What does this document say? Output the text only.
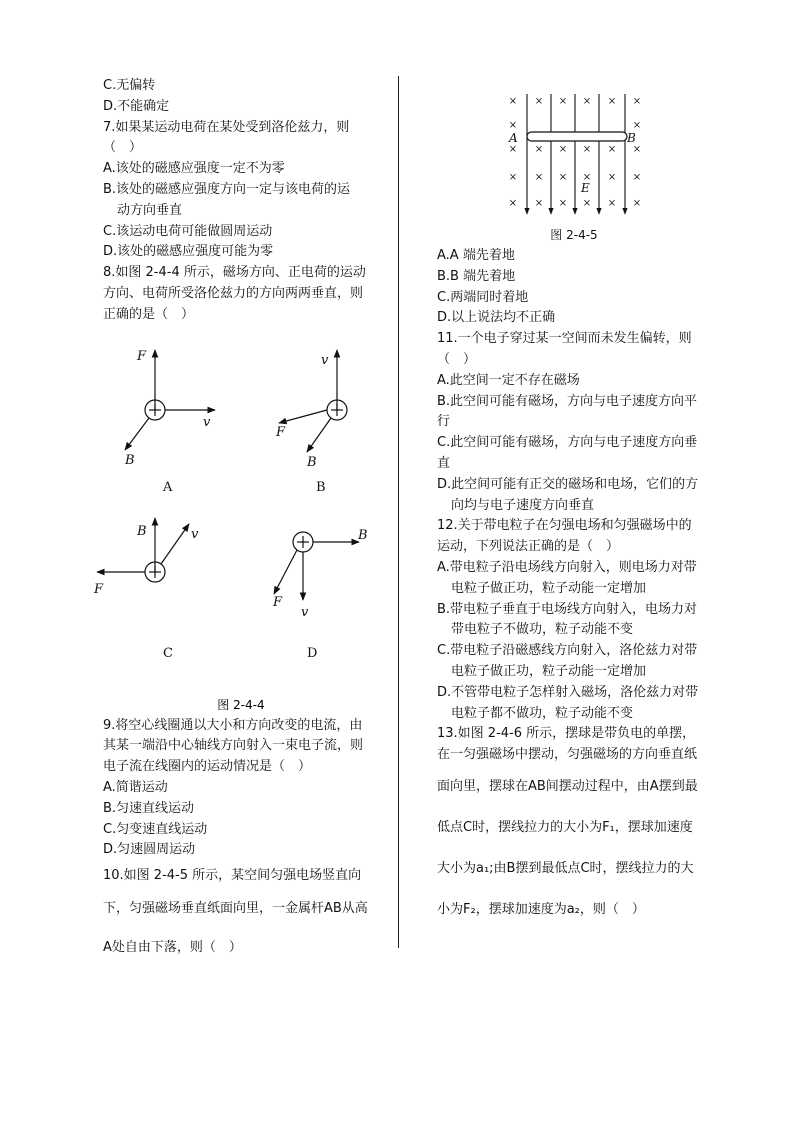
C.无偏转
D.不能确定
7.如果某运动电荷在某处受到洛伦兹力，则
（　）
A.该处的磁感应强度一定不为零
B.该处的磁感应强度方向一定与该电荷的运
动方向垂直
C.该运动电荷可能做圆周运动
D.该处的磁感应强度可能为零
8.如图 2-4-4 所示，磁场方向、正电荷的运动
方向、电荷所受洛伦兹力的方向两两垂直，则
正确的是（　）
F
v
B
v
F
B
B	v
F
B
F
v
A	B
C	D
图 2-4-4
9.将空心线圈通以大小和方向改变的电流，由
其某一端沿中心轴线方向射入一束电子流，则
电子流在线圈内的运动情况是（　）
A.简谐运动
B.匀速直线运动
C.匀变速直线运动
D.匀速圆周运动
10.如图 2-4-5 所示，某空间匀强电场竖直向
下，匀强磁场垂直纸面向里，一金属杆AB从高
A处自由下落，则（　）
× × × × × ×
×	×
× × × × × ×
× × × × × ×
× × × × × ×
A	B
E
图 2-4-5
A.A 端先着地
B.B 端先着地
C.两端同时着地
D.以上说法均不正确
11.一个电子穿过某一空间而未发生偏转，则
（　）
A.此空间一定不存在磁场
B.此空间可能有磁场，方向与电子速度方向平
行
C.此空间可能有磁场，方向与电子速度方向垂
直
D.此空间可能有正交的磁场和电场，它们的方
向均与电子速度方向垂直
12.关于带电粒子在匀强电场和匀强磁场中的
运动，下列说法正确的是（　）
A.带电粒子沿电场线方向射入，则电场力对带
电粒子做正功，粒子动能一定增加
B.带电粒子垂直于电场线方向射入，电场力对
带电粒子不做功，粒子动能不变
C.带电粒子沿磁感线方向射入，洛伦兹力对带
电粒子做正功，粒子动能一定增加
D.不管带电粒子怎样射入磁场，洛伦兹力对带
电粒子都不做功，粒子动能不变
13.如图 2-4-6 所示，摆球是带负电的单摆，
在一匀强磁场中摆动，匀强磁场的方向垂直纸
面向里，摆球在AB间摆动过程中，由A摆到最
低点C时，摆线拉力的大小为F₁，摆球加速度
大小为a₁;由B摆到最低点C时，摆线拉力的大
小为F₂，摆球加速度为a₂，则（　）
